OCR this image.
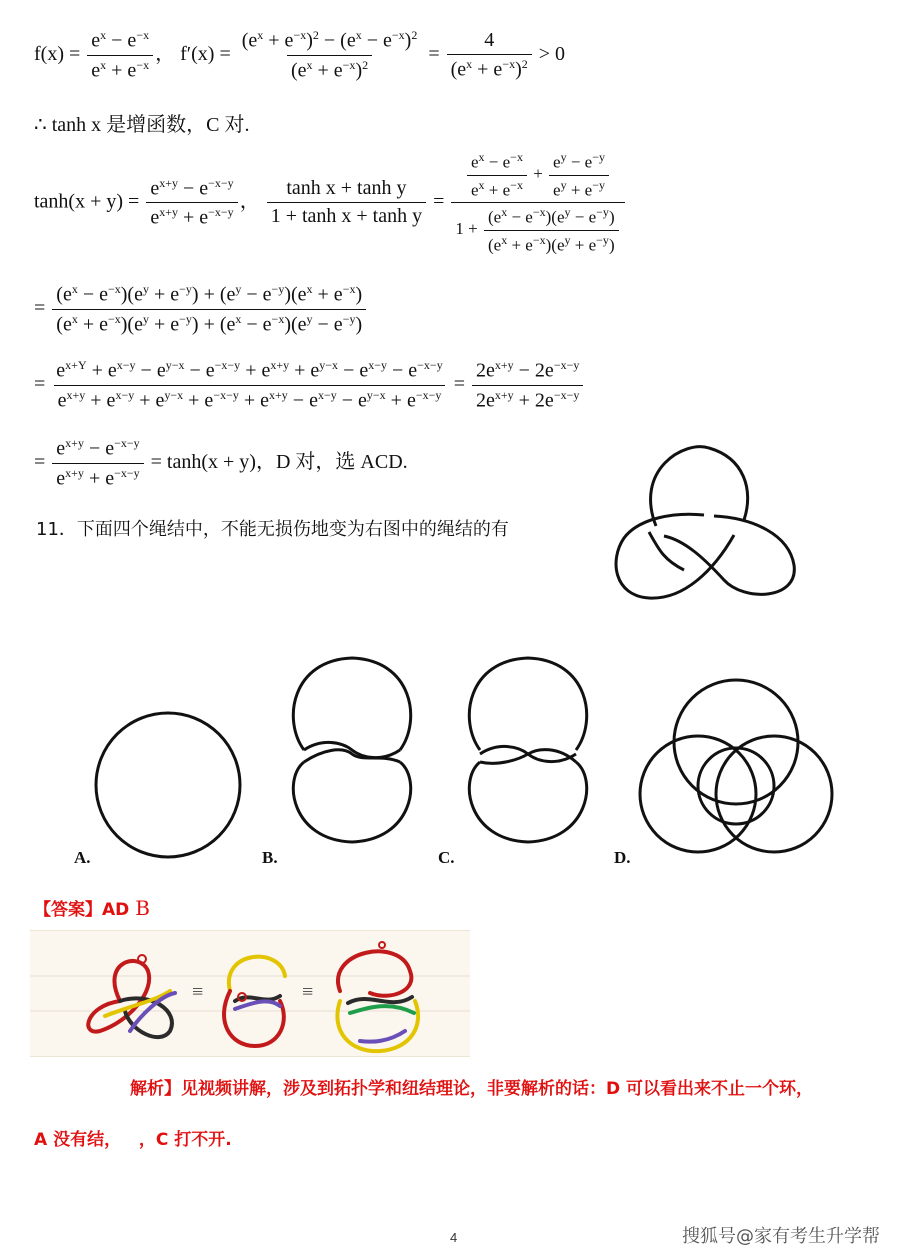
$f(x) = \frac{e^x - e^{-x}}{e^x + e^{-x}}$ ， $f'(x) = \frac{(e^x + e^{-x})^2 - (e^x - e^{-x})^2}{(e^x + e^{-x})^2} = \frac{4}{(e^x + e^{-x})^2} > 0$
∴ tanh x 是增函数，C 对.
$\tanh(x + y) = \frac{e^{x+y} - e^{-x-y}}{e^{x+y} + e^{-x-y}}$ ， $\frac{\text{tanh x + tanh y}}{\text{1 + tanh x + tanh y}} = \frac{\frac{e^x - e^{-x}}{e^x + e^{-x}} + \frac{e^y - e^{-y}}{e^y + e^{-y}}}{1 + \frac{(e^x - e^{-x})(e^y - e^{-y})}{(e^x + e^{-x})(e^y + e^{-y})}}$
= $\frac{(e^x - e^{-x})(e^y + e^{-y}) + (e^y - e^{-y})(e^x + e^{-x})}{(e^x + e^{-x})(e^y + e^{-y}) + (e^x - e^{-x})(e^y - e^{-y})}$
= $\frac{e^{x+Y} + e^{x-y} - e^{y-x} - e^{-x-y} + e^{x+y} + e^{y-x} - e^{x-y} - e^{-x-y}}{e^{x+y} + e^{x-y} + e^{y-x} + e^{-x-y} + e^{x+y} - e^{x-y} - e^{y-x} + e^{-x-y}} = \frac{2e^{x+y} - 2e^{-x-y}}{2e^{x+y} + 2e^{-x-y}}$
= $\frac{e^{x+y} - e^{-x-y}}{e^{x+y} + e^{-x-y}} = \tanh(x + y)$，D 对，选 ACD.
11．下面四个绳结中，不能无损伤地变为右图中的绳结的有
A.	B.	C.	D.
【答案】AD B
≡	≡
解析】见视频讲解，涉及到拓扑学和纽结理论，非要解析的话：D 可以看出来不止一个环，
A 没有结，   ，C 打不开.
4	搜狐号@家有考生升学帮
